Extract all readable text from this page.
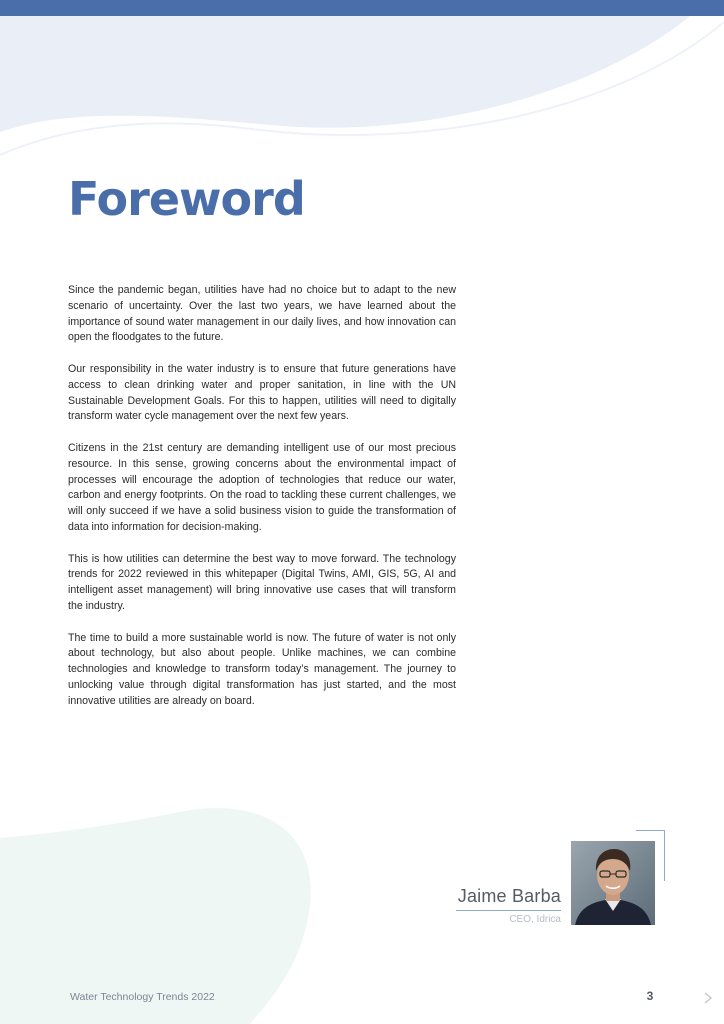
Foreword

Since the pandemic began, utilities have had no choice but to adapt to the new scenario of uncertainty. Over the last two years, we have learned about the importance of sound water management in our daily lives, and how innovation can open the floodgates to the future.

Our responsibility in the water industry is to ensure that future generations have access to clean drinking water and proper sanitation, in line with the UN Sustainable Development Goals. For this to happen, utilities will need to digitally transform water cycle management over the next few years.

Citizens in the 21st century are demanding intelligent use of our most precious resource. In this sense, growing concerns about the environmental impact of processes will encourage the adoption of technologies that reduce our water, carbon and energy footprints. On the road to tackling these current challenges, we will only succeed if we have a solid business vision to guide the transformation of data into information for decision-making.

This is how utilities can determine the best way to move forward. The technology trends for 2022 reviewed in this whitepaper (Digital Twins, AMI, GIS, 5G, AI and intelligent asset management) will bring innovative use cases that will transform the industry.

The time to build a more sustainable world is now. The future of water is not only about technology, but also about people. Unlike machines, we can combine technologies and knowledge to transform today’s management. The journey to unlocking value through digital transformation has just started, and the most innovative utilities are already on board.

Jaime Barba
CEO, Idrica
Water Technology Trends 2022	3
